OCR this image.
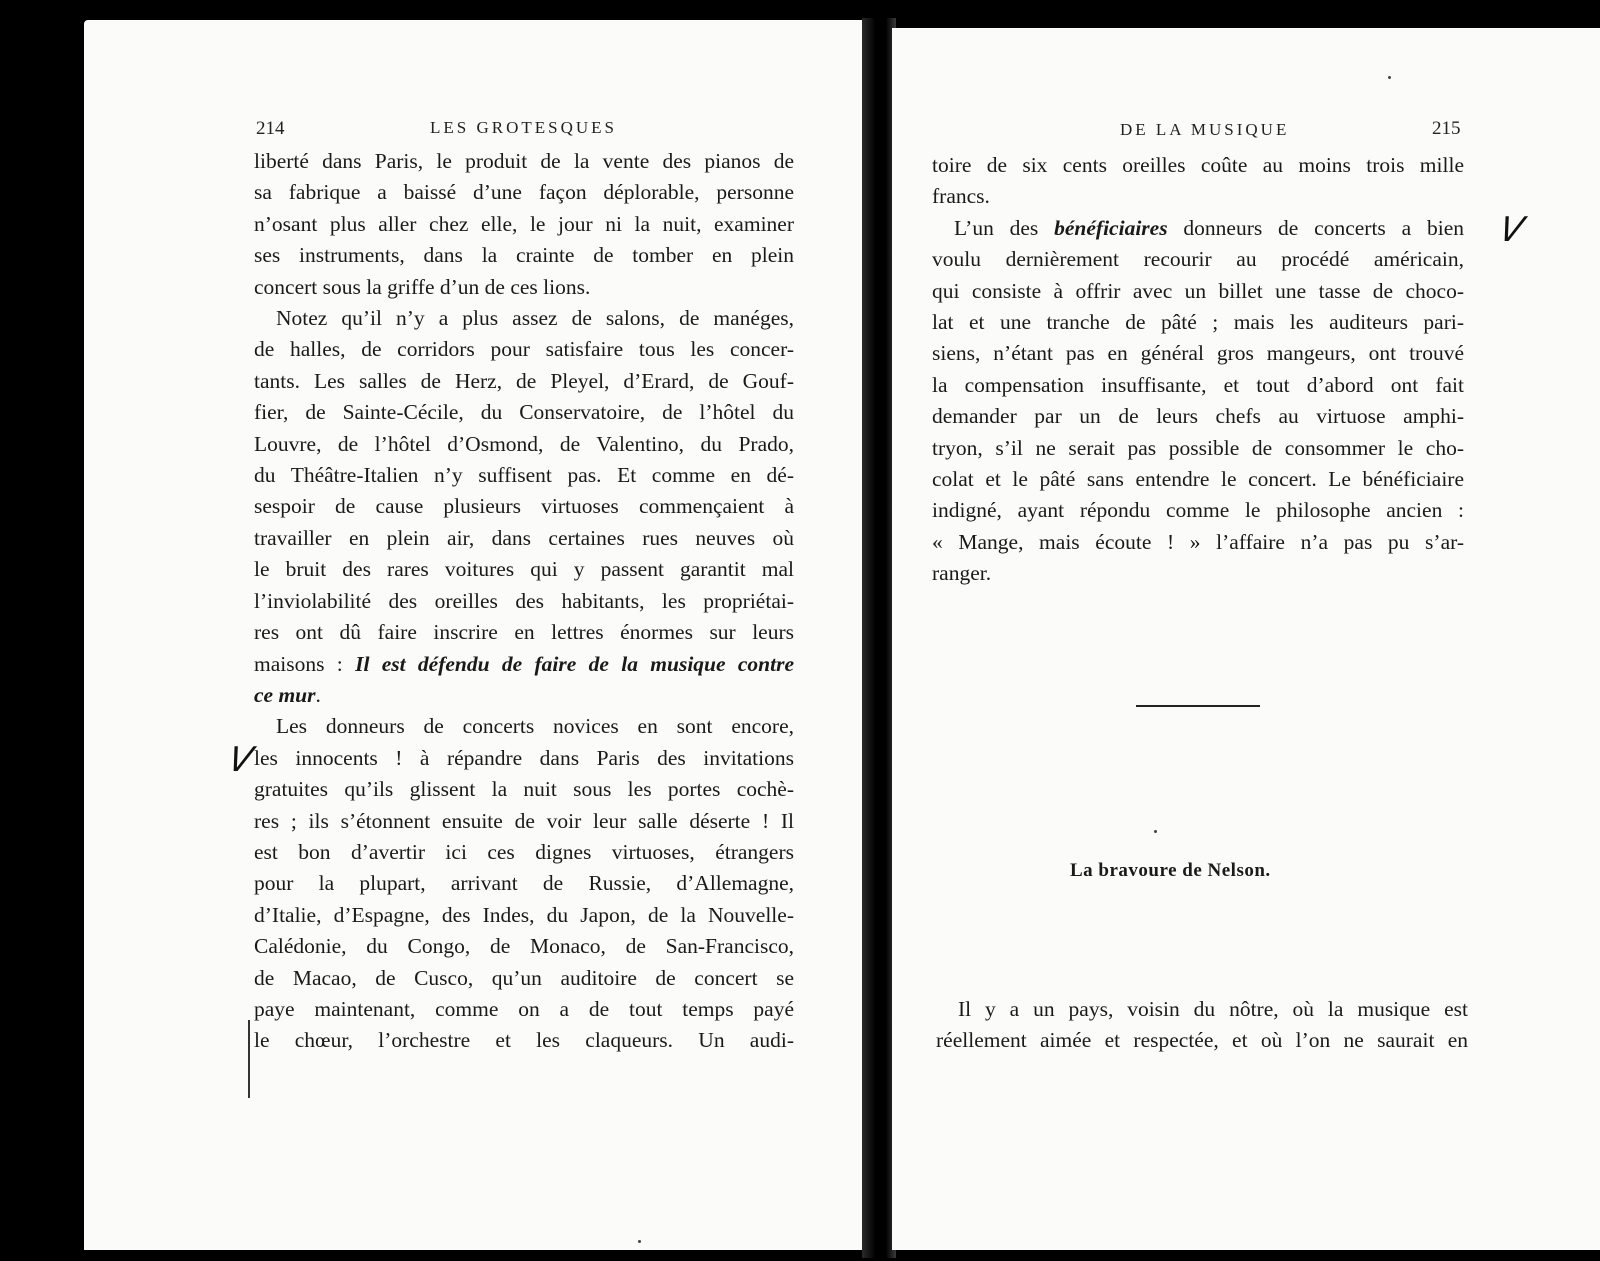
214	LES GROTESQUES
liberté dans Paris, le produit de la vente des pianos de
sa fabrique a baissé d’une façon déplorable, personne
n’osant plus aller chez elle, le jour ni la nuit, examiner
ses instruments, dans la crainte de tomber en plein
concert sous la griffe d’un de ces lions.
Notez qu’il n’y a plus assez de salons, de manéges,
de halles, de corridors pour satisfaire tous les concer-
tants. Les salles de Herz, de Pleyel, d’Erard, de Gouf-
fier, de Sainte-Cécile, du Conservatoire, de l’hôtel du
Louvre, de l’hôtel d’Osmond, de Valentino, du Prado,
du Théâtre-Italien n’y suffisent pas. Et comme en dé-
sespoir de cause plusieurs virtuoses commençaient à
travailler en plein air, dans certaines rues neuves où
le bruit des rares voitures qui y passent garantit mal
l’inviolabilité des oreilles des habitants, les propriétai-
res ont dû faire inscrire en lettres énormes sur leurs
maisons : Il est défendu de faire de la musique contre
ce mur.
Les donneurs de concerts novices en sont encore,
les innocents ! à répandre dans Paris des invitations
gratuites qu’ils glissent la nuit sous les portes cochè-
res ; ils s’étonnent ensuite de voir leur salle déserte ! Il
est bon d’avertir ici ces dignes virtuoses, étrangers
pour la plupart, arrivant de Russie, d’Allemagne,
d’Italie, d’Espagne, des Indes, du Japon, de la Nouvelle-
Calédonie, du Congo, de Monaco, de San-Francisco,
de Macao, de Cusco, qu’un auditoire de concert se
paye maintenant, comme on a de tout temps payé
le chœur, l’orchestre et les claqueurs. Un audi-
DE LA MUSIQUE	215
toire de six cents oreilles coûte au moins trois mille
francs.
L’un des bénéficiaires donneurs de concerts a bien
voulu dernièrement recourir au procédé américain,
qui consiste à offrir avec un billet une tasse de choco-
lat et une tranche de pâté ; mais les auditeurs pari-
siens, n’étant pas en général gros mangeurs, ont trouvé
la compensation insuffisante, et tout d’abord ont fait
demander par un de leurs chefs au virtuose amphi-
tryon, s’il ne serait pas possible de consommer le cho-
colat et le pâté sans entendre le concert. Le bénéficiaire
indigné, ayant répondu comme le philosophe ancien :
« Mange, mais écoute ! » l’affaire n’a pas pu s’ar-
ranger.
La bravoure de Nelson.
Il y a un pays, voisin du nôtre, où la musique est
réellement aimée et respectée, et où l’on ne saurait en
V
V
